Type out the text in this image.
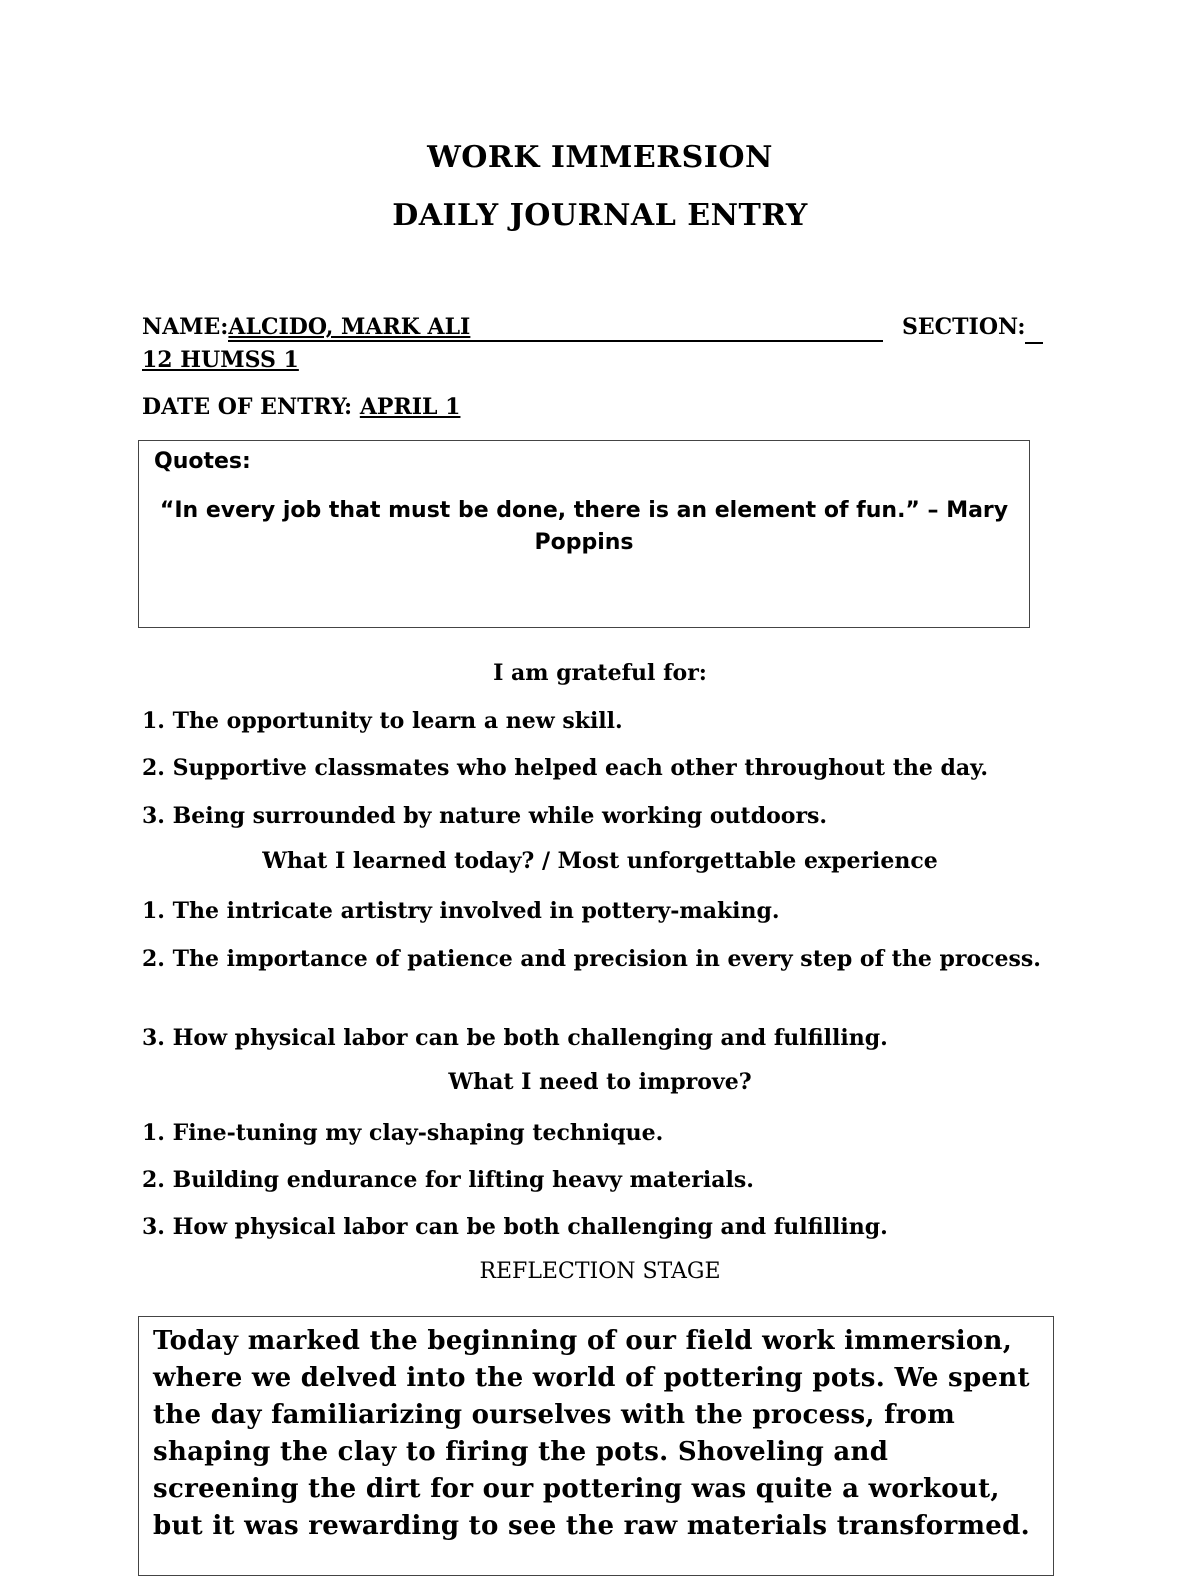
WORK IMMERSION
DAILY JOURNAL ENTRY
NAME:ALCIDO, MARK ALI	SECTION:
12 HUMSS 1
DATE OF ENTRY: APRIL 1
Quotes:
“In every job that must be done, there is an element of fun.” – Mary Poppins
I am grateful for:
1. The opportunity to learn a new skill.
2. Supportive classmates who helped each other throughout the day.
3. Being surrounded by nature while working outdoors.
What I learned today? / Most unforgettable experience
1. The intricate artistry involved in pottery-making.
2. The importance of patience and precision in every step of the process.
3. How physical labor can be both challenging and fulfilling.
What I need to improve?
1. Fine-tuning my clay-shaping technique.
2. Building endurance for lifting heavy materials.
3. How physical labor can be both challenging and fulfilling.
REFLECTION STAGE
Today marked the beginning of our field work immersion, where we delved into the world of pottering pots. We spent the day familiarizing ourselves with the process, from shaping the clay to firing the pots. Shoveling and screening the dirt for our pottering was quite a workout, but it was rewarding to see the raw materials transformed.
